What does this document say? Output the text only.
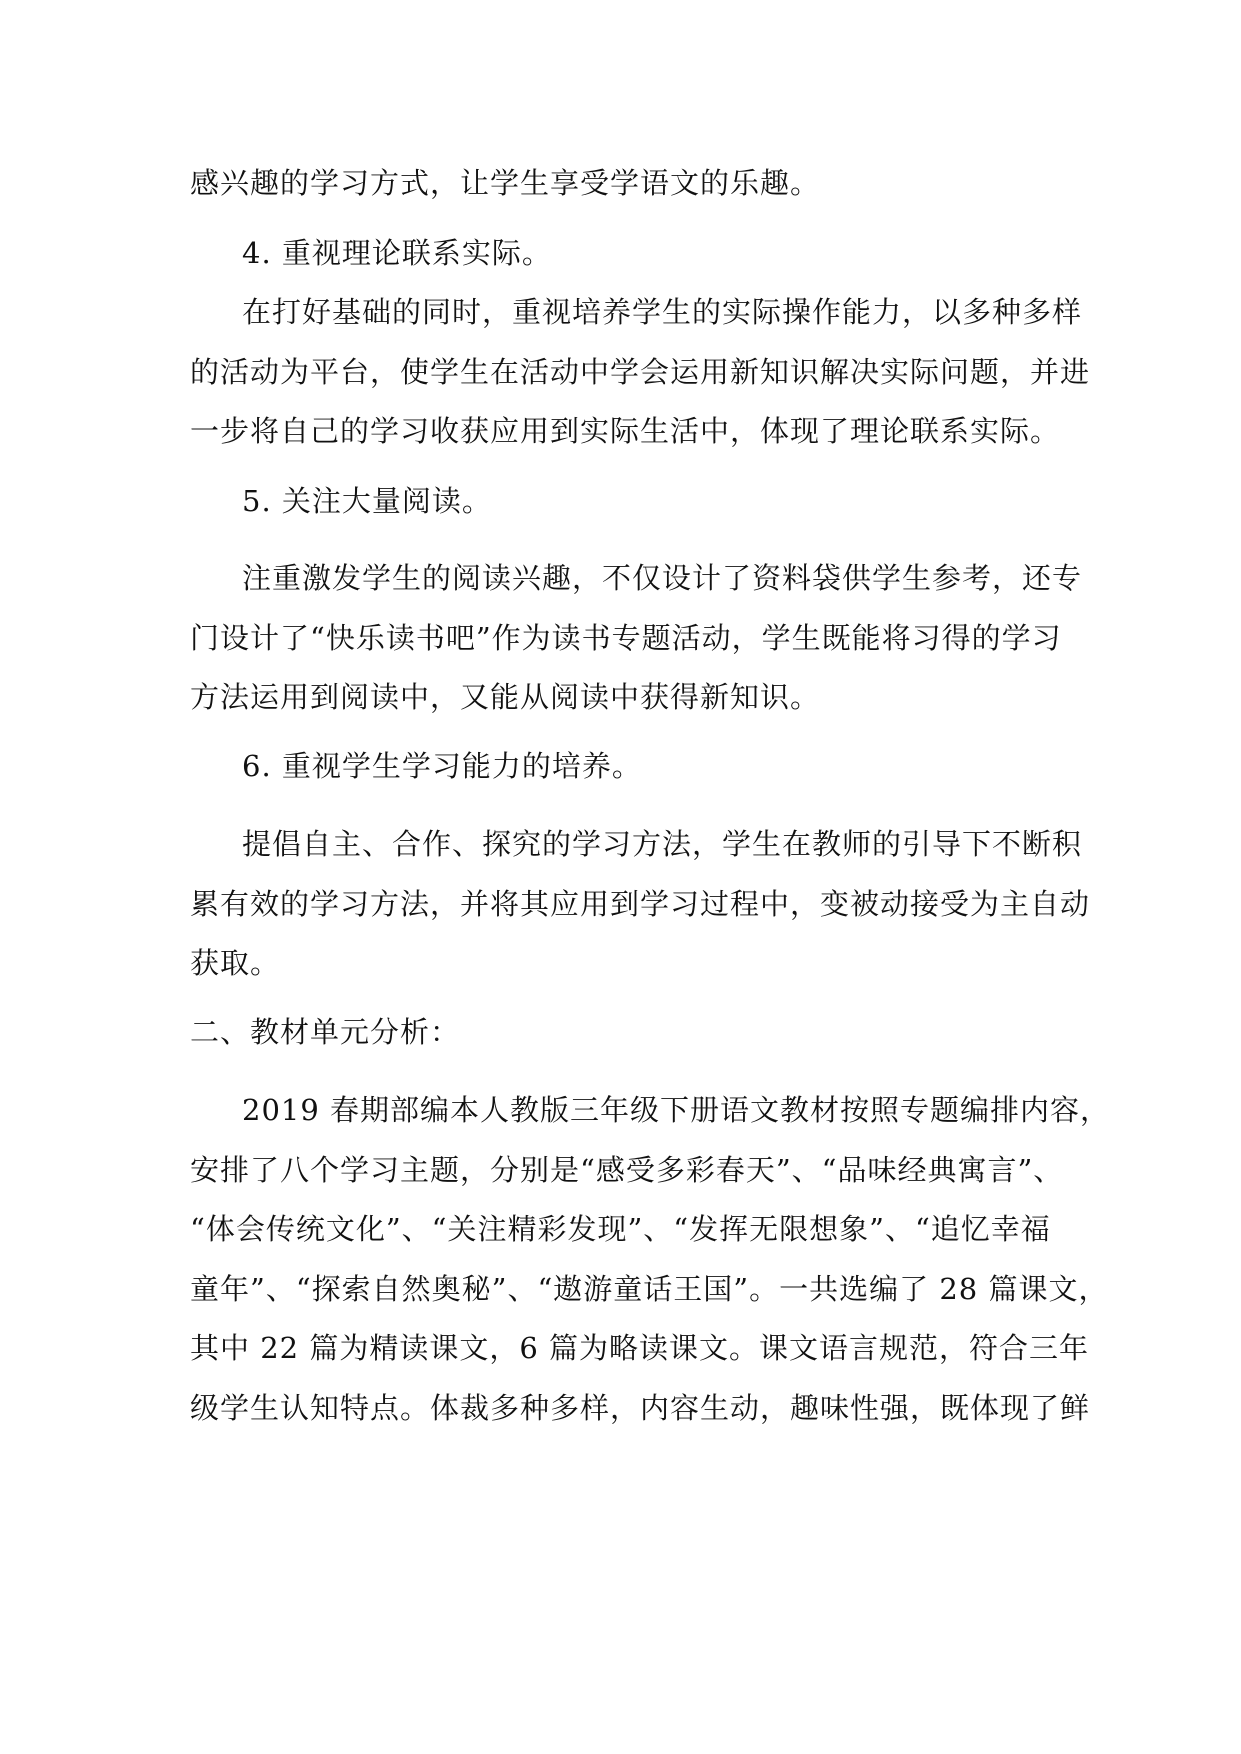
感兴趣的学习方式，让学生享受学语文的乐趣。
4. 重视理论联系实际。
在打好基础的同时，重视培养学生的实际操作能力，以多种多样
的活动为平台，使学生在活动中学会运用新知识解决实际问题，并进
一步将自己的学习收获应用到实际生活中，体现了理论联系实际。
5. 关注大量阅读。
注重激发学生的阅读兴趣，不仅设计了资料袋供学生参考，还专
门设计了“快乐读书吧”作为读书专题活动，学生既能将习得的学习
方法运用到阅读中，又能从阅读中获得新知识。
6. 重视学生学习能力的培养。
提倡自主、合作、探究的学习方法，学生在教师的引导下不断积
累有效的学习方法，并将其应用到学习过程中，变被动接受为主自动
获取。
二、教材单元分析：
2019 春期部编本人教版三年级下册语文教材按照专题编排内容，
安排了八个学习主题，分别是“感受多彩春天”、“品味经典寓言”、
“体会传统文化”、“关注精彩发现”、“发挥无限想象”、“追忆幸福
童年”、“探索自然奥秘”、“遨游童话王国”。一共选编了 28 篇课文，
其中 22 篇为精读课文，6 篇为略读课文。课文语言规范，符合三年
级学生认知特点。体裁多种多样，内容生动，趣味性强，既体现了鲜
